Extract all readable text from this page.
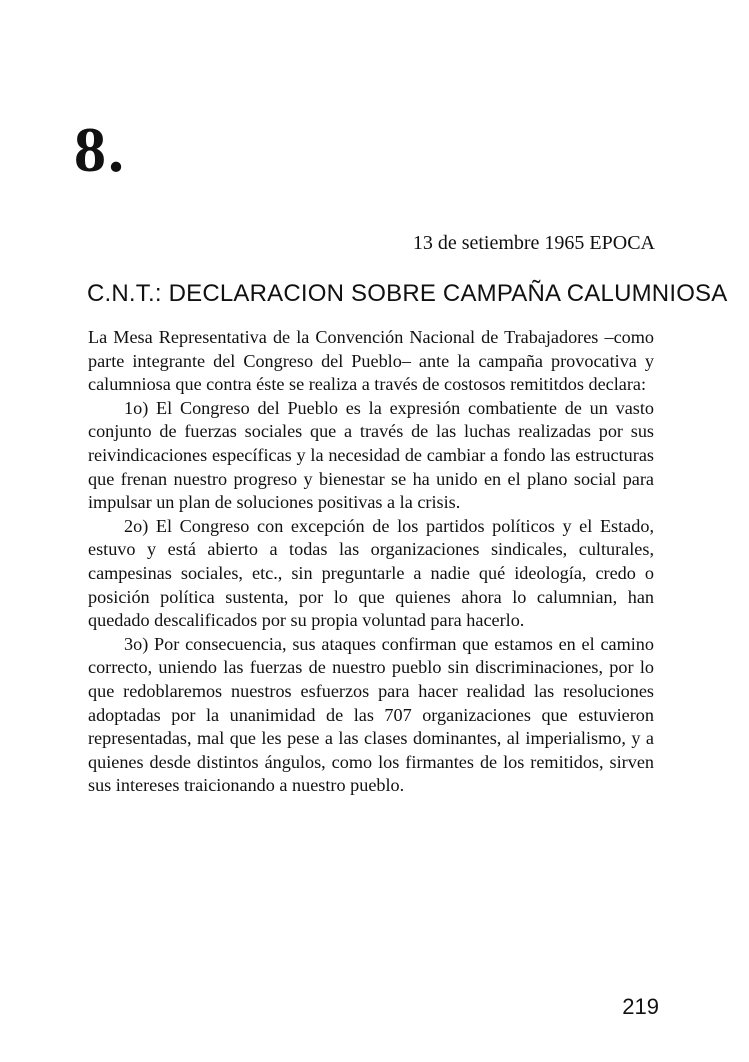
8.
13 de setiembre 1965 EPOCA
C.N.T.: DECLARACION SOBRE CAMPAÑA CALUMNIOSA

La Mesa Representativa de la Convención Nacional de Trabajadores –como parte integrante del Congreso del Pueblo– ante la campaña provocativa y calumniosa que contra éste se realiza a través de costosos remititdos declara:

1o) El Congreso del Pueblo es la expresión combatiente de un vasto conjunto de fuerzas sociales que a través de las luchas realizadas por sus reivindicaciones específicas y la necesidad de cambiar a fondo las estructuras que frenan nuestro progreso y bienestar se ha unido en el plano social para impulsar un plan de soluciones positivas a la crisis.

2o) El Congreso con excepción de los partidos políticos y el Estado, estuvo y está abierto a todas las organizaciones sindicales, culturales, campesinas sociales, etc., sin preguntarle a nadie qué ideología, credo o posición política sustenta, por lo que quienes ahora lo calumnian, han quedado descalificados por su propia voluntad para hacerlo.

3o) Por consecuencia, sus ataques confirman que estamos en el camino correcto, uniendo las fuerzas de nuestro pueblo sin discriminaciones, por lo que redoblaremos nuestros esfuerzos para hacer realidad las resoluciones adoptadas por la unanimidad de las 707 organizaciones que estuvieron representadas, mal que les pese a las clases dominantes, al imperialismo, y a quienes desde distintos ángulos, como los firmantes de los remitidos, sirven sus intereses traicionando a nuestro pueblo.

219
